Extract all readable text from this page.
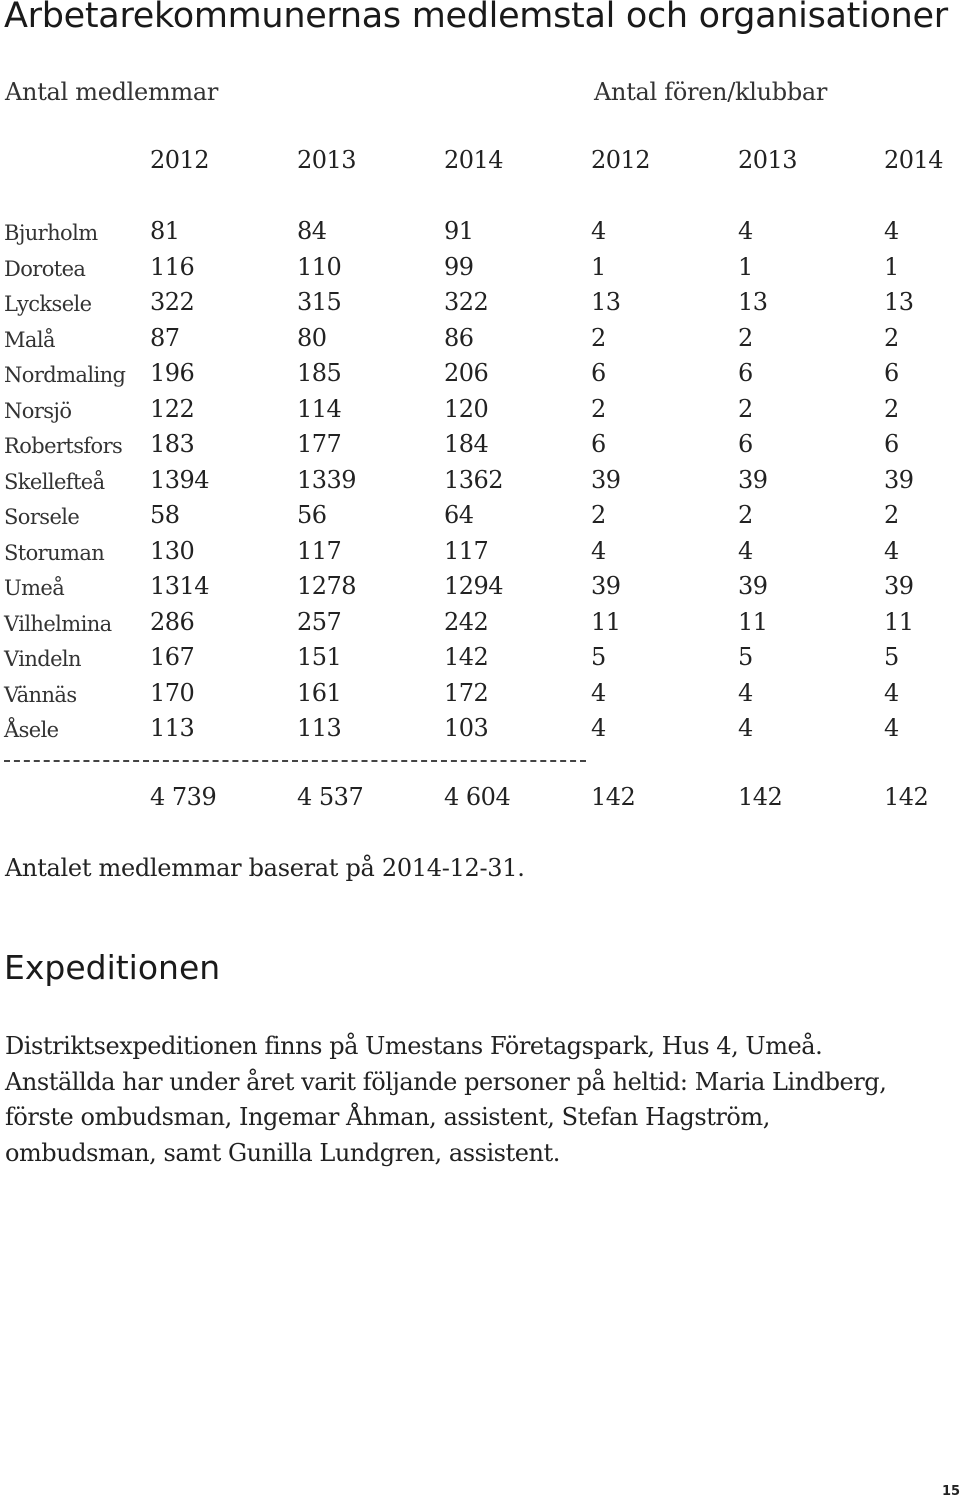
Arbetarekommunernas medlemstal och organisationer
Antal medlemmar	Antal fören/klubbar
2012	2013	2014	2012	2013	2014
Bjurholm 81	84	91	4	4	4
Dorotea	116	110	99	1	1	1
Lycksele 322	315	322	13	13	13
Malå	87	80	86	2	2	2
Nordmaling 196	185	206	6	6	6
Norsjö	122	114	120	2	2	2
Robertsfors 183	177	184	6	6	6
Skellefteå 1394	1339	1362	39	39	39
Sorsele	58	56	64	2	2	2
Storuman 130	117	117	4	4	4
Umeå	1314	1278	1294	39	39	39
Vilhelmina 286	257	242	11	11	11
Vindeln	167	151	142	5	5	5
Vännäs	170	161	172	4	4	4
Åsele	113	113	103	4	4	4
4 739	4 537	4 604	142	142	142
Antalet medlemmar baserat på 2014-12-31.
Expeditionen

Distriktsexpeditionen finns på Umestans Företagspark, Hus 4, Umeå.
Anställda har under året varit följande personer på heltid: Maria Lindberg,
förste ombudsman, Ingemar Åhman, assistent, Stefan Hagström,
ombudsman, samt Gunilla Lundgren, assistent.

15
